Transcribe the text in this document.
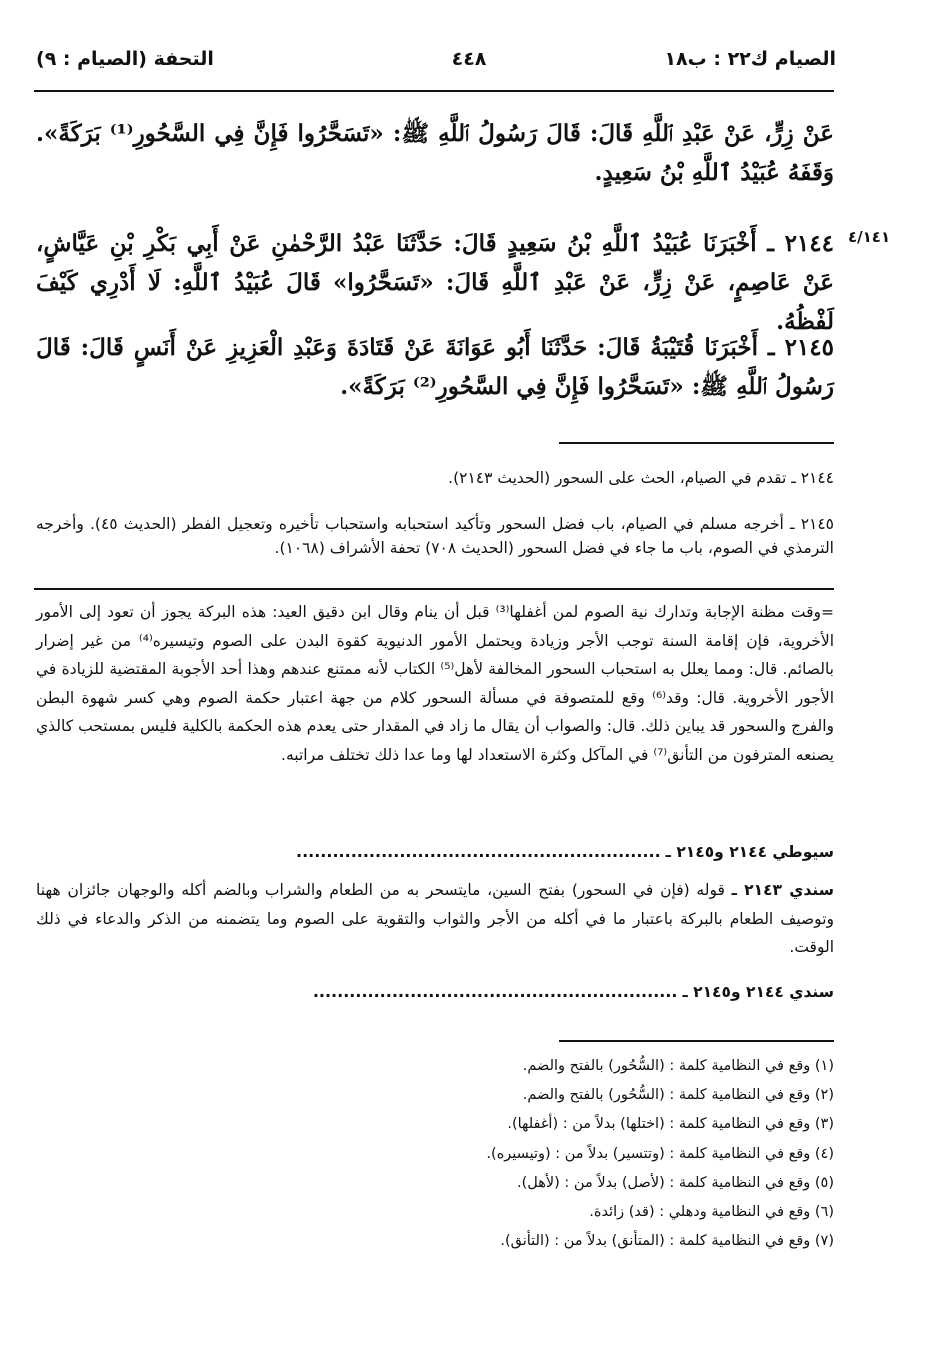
الصيام ك٢٢ : ب١٨
٤٤٨
التحفة (الصيام : ٩)
عَنْ زِرٍّ، عَنْ عَبْدِ ٱللَّهِ قَالَ: قَالَ رَسُولُ ٱللَّهِ ﷺ: «تَسَحَّرُوا فَإِنَّ فِي السَّحُورِ⁽¹⁾ بَرَكَةً». وَقَفَهُ عُبَيْدُ ٱللَّهِ بْنُ سَعِيدٍ.
٤/١٤١
٢١٤٤ ـ أَخْبَرَنَا عُبَيْدُ ٱللَّهِ بْنُ سَعِيدٍ قَالَ: حَدَّثَنَا عَبْدُ الرَّحْمٰنِ عَنْ أَبِي بَكْرِ بْنِ عَيَّاشٍ، عَنْ عَاصِمٍ، عَنْ زِرٍّ، عَنْ عَبْدِ ٱللَّهِ قَالَ: «تَسَحَّرُوا» قَالَ عُبَيْدُ ٱللَّهِ: لَا أَدْرِي كَيْفَ لَفْظُهُ.
٢١٤٥ ـ أَخْبَرَنَا قُتَيْبَةُ قَالَ: حَدَّثَنَا أَبُو عَوَانَةَ عَنْ قَتَادَةَ وَعَبْدِ الْعَزِيزِ عَنْ أَنَسٍ قَالَ: قَالَ رَسُولُ ٱللَّهِ ﷺ: «تَسَحَّرُوا فَإِنَّ فِي السَّحُورِ⁽²⁾ بَرَكَةً».
٢١٤٤ ـ تقدم في الصيام، الحث على السحور (الحديث ٢١٤٣).
٢١٤٥ ـ أخرجه مسلم في الصيام، باب فضل السحور وتأكيد استحبابه واستحباب تأخيره وتعجيل الفطر (الحديث ٤٥). وأخرجه الترمذي في الصوم، باب ما جاء في فضل السحور (الحديث ٧٠٨) تحفة الأشراف (١٠٦٨).
=وقت مظنة الإجابة وتدارك نية الصوم لمن أغفلها⁽³⁾ قبل أن ينام وقال ابن دقيق العيد: هذه البركة يجوز أن تعود إلى الأمور الأخروية، فإن إقامة السنة توجب الأجر وزيادة ويحتمل الأمور الدنيوية كقوة البدن على الصوم وتيسيره⁽⁴⁾ من غير إضرار بالصائم. قال: ومما يعلل به استحباب السحور المخالفة لأهل⁽⁵⁾ الكتاب لأنه ممتنع عندهم وهذا أحد الأجوبة المقتضية للزيادة في الأجور الأخروية. قال: وقد⁽⁶⁾ وقع للمتصوفة في مسألة السحور كلام من جهة اعتبار حكمة الصوم وهي كسر شهوة البطن والفرج والسحور قد يباين ذلك. قال: والصواب أن يقال ما زاد في المقدار حتى يعدم هذه الحكمة بالكلية فليس بمستحب كالذي يصنعه المترفون من التأنق⁽⁷⁾ في المآكل وكثرة الاستعداد لها وما عدا ذلك تختلف مراتبه.
سيوطي ٢١٤٤ و٢١٤٥ ـ ............................................................
سندي ٢١٤٣ ـ قوله (فإن في السحور) بفتح السين، مايتسحر به من الطعام والشراب وبالضم أكله والوجهان جائزان ههنا وتوصيف الطعام بالبركة باعتبار ما في أكله من الأجر والثواب والتقوية على الصوم وما يتضمنه من الذكر والدعاء في ذلك الوقت.
سندي ٢١٤٤ و٢١٤٥ ـ ............................................................
(١) وقع في النظامية كلمة : (السُّحُور) بالفتح والضم.
(٢) وقع في النظامية كلمة : (السُّحُور) بالفتح والضم.
(٣) وقع في النظامية كلمة : (اختلها) بدلاً من : (أغفلها).
(٤) وقع في النظامية كلمة : (وتتسير) بدلاً من : (وتيسيره).
(٥) وقع في النظامية كلمة : (لأصل) بدلاً من : (لأهل).
(٦) وقع في النظامية ودهلي : (قد) زائدة.
(٧) وقع في النظامية كلمة : (المتأنق) بدلاً من : (التأنق).
